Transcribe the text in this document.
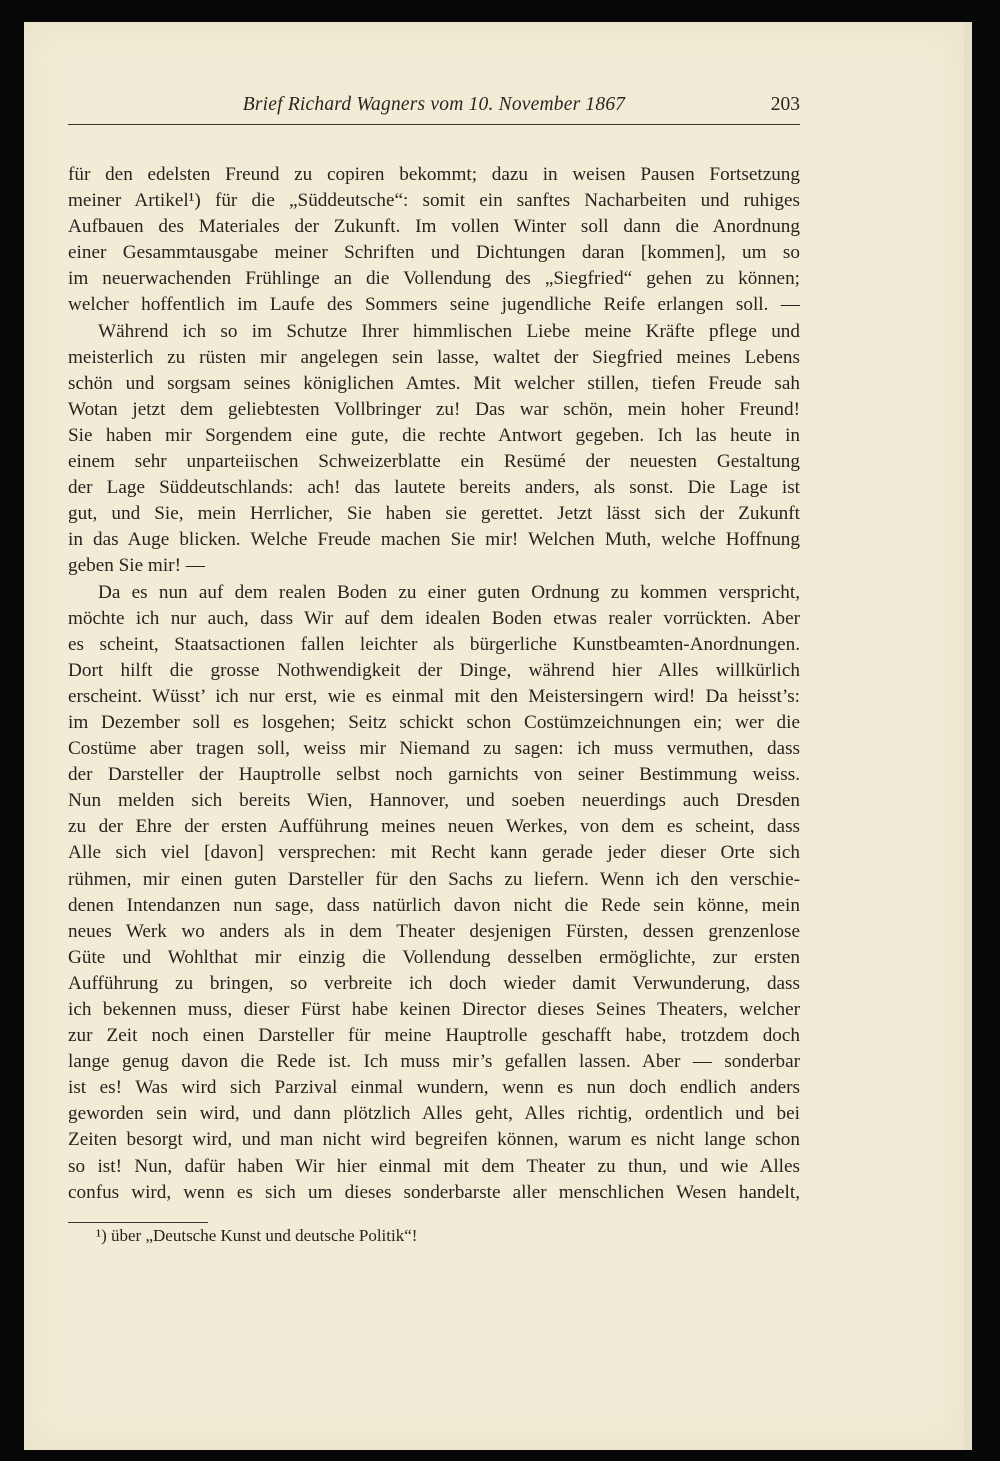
Brief Richard Wagners vom 10. November 1867	203
für den edelsten Freund zu copiren bekommt; dazu in weisen Pausen Fortsetzung
meiner Artikel¹) für die „Süddeutsche“: somit ein sanftes Nacharbeiten und ruhiges
Aufbauen des Materiales der Zukunft. Im vollen Winter soll dann die Anordnung
einer Gesammtausgabe meiner Schriften und Dichtungen daran [kommen], um so
im neuerwachenden Frühlinge an die Vollendung des „Siegfried“ gehen zu können;
welcher hoffentlich im Laufe des Sommers seine jugendliche Reife erlangen soll. —
Während ich so im Schutze Ihrer himmlischen Liebe meine Kräfte pflege und
meisterlich zu rüsten mir angelegen sein lasse, waltet der Siegfried meines Lebens
schön und sorgsam seines königlichen Amtes. Mit welcher stillen, tiefen Freude sah
Wotan jetzt dem geliebtesten Vollbringer zu! Das war schön, mein hoher Freund!
Sie haben mir Sorgendem eine gute, die rechte Antwort gegeben. Ich las heute in
einem sehr unparteiischen Schweizerblatte ein Resümé der neuesten Gestaltung
der Lage Süddeutschlands: ach! das lautete bereits anders, als sonst. Die Lage ist
gut, und Sie, mein Herrlicher, Sie haben sie gerettet. Jetzt lässt sich der Zukunft
in das Auge blicken. Welche Freude machen Sie mir! Welchen Muth, welche Hoffnung
geben Sie mir! —
Da es nun auf dem realen Boden zu einer guten Ordnung zu kommen verspricht,
möchte ich nur auch, dass Wir auf dem idealen Boden etwas realer vorrückten. Aber
es scheint, Staatsactionen fallen leichter als bürgerliche Kunstbeamten-Anordnungen.
Dort hilft die grosse Nothwendigkeit der Dinge, während hier Alles willkürlich
erscheint. Wüsst’ ich nur erst, wie es einmal mit den Meistersingern wird! Da heisst’s:
im Dezember soll es losgehen; Seitz schickt schon Costümzeichnungen ein; wer die
Costüme aber tragen soll, weiss mir Niemand zu sagen: ich muss vermuthen, dass
der Darsteller der Hauptrolle selbst noch garnichts von seiner Bestimmung weiss.
Nun melden sich bereits Wien, Hannover, und soeben neuerdings auch Dresden
zu der Ehre der ersten Aufführung meines neuen Werkes, von dem es scheint, dass
Alle sich viel [davon] versprechen: mit Recht kann gerade jeder dieser Orte sich
rühmen, mir einen guten Darsteller für den Sachs zu liefern. Wenn ich den verschie-
denen Intendanzen nun sage, dass natürlich davon nicht die Rede sein könne, mein
neues Werk wo anders als in dem Theater desjenigen Fürsten, dessen grenzenlose
Güte und Wohlthat mir einzig die Vollendung desselben ermöglichte, zur ersten
Aufführung zu bringen, so verbreite ich doch wieder damit Verwunderung, dass
ich bekennen muss, dieser Fürst habe keinen Director dieses Seines Theaters, welcher
zur Zeit noch einen Darsteller für meine Hauptrolle geschafft habe, trotzdem doch
lange genug davon die Rede ist. Ich muss mir’s gefallen lassen. Aber — sonderbar
ist es! Was wird sich Parzival einmal wundern, wenn es nun doch endlich anders
geworden sein wird, und dann plötzlich Alles geht, Alles richtig, ordentlich und bei
Zeiten besorgt wird, und man nicht wird begreifen können, warum es nicht lange schon
so ist! Nun, dafür haben Wir hier einmal mit dem Theater zu thun, und wie Alles
confus wird, wenn es sich um dieses sonderbarste aller menschlichen Wesen handelt,
¹) über „Deutsche Kunst und deutsche Politik“!
